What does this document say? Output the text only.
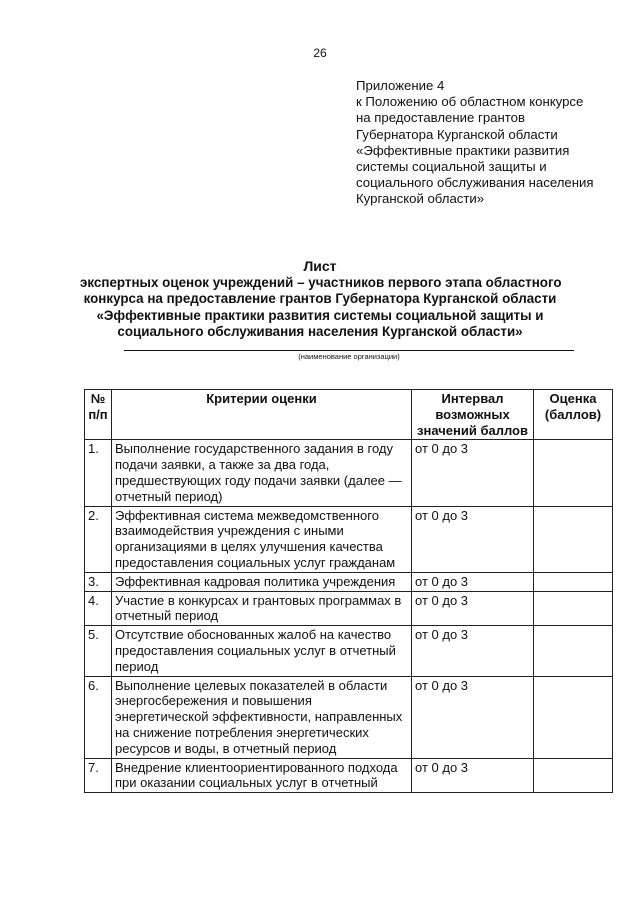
26
Приложение 4
к Положению об областном конкурсе
на предоставление грантов
Губернатора Курганской области
«Эффективные практики развития
системы социальной защиты и
социального обслуживания населения
Курганской области»
Лист
экспертных оценок учреждений – участников первого этапа областного
конкурса на предоставление грантов Губернатора Курганской области
«Эффективные практики развития системы социальной защиты и
социального обслуживания населения Курганской области»
(наименование организации)
№ п/п	Критерии оценки	Интервал возможных значений баллов	Оценка (баллов)
1.	Выполнение государственного задания в году подачи заявки, а также за два года, предшествующих году подачи заявки (далее — отчетный период)	от 0 до 3	
2.	Эффективная система межведомственного взаимодействия учреждения с иными организациями в целях улучшения качества предоставления социальных услуг гражданам	от 0 до 3	
3.	Эффективная кадровая политика учреждения	от 0 до 3	
4.	Участие в конкурсах и грантовых программах в отчетный период	от 0 до 3	
5.	Отсутствие обоснованных жалоб на качество предоставления социальных услуг в отчетный период	от 0 до 3	
6.	Выполнение целевых показателей в области энергосбережения и повышения энергетической эффективности, направленных на снижение потребления энергетических ресурсов и воды, в отчетный период	от 0 до 3	
7.	Внедрение клиентоориентированного подхода при оказании социальных услуг в отчетный	от 0 до 3	
